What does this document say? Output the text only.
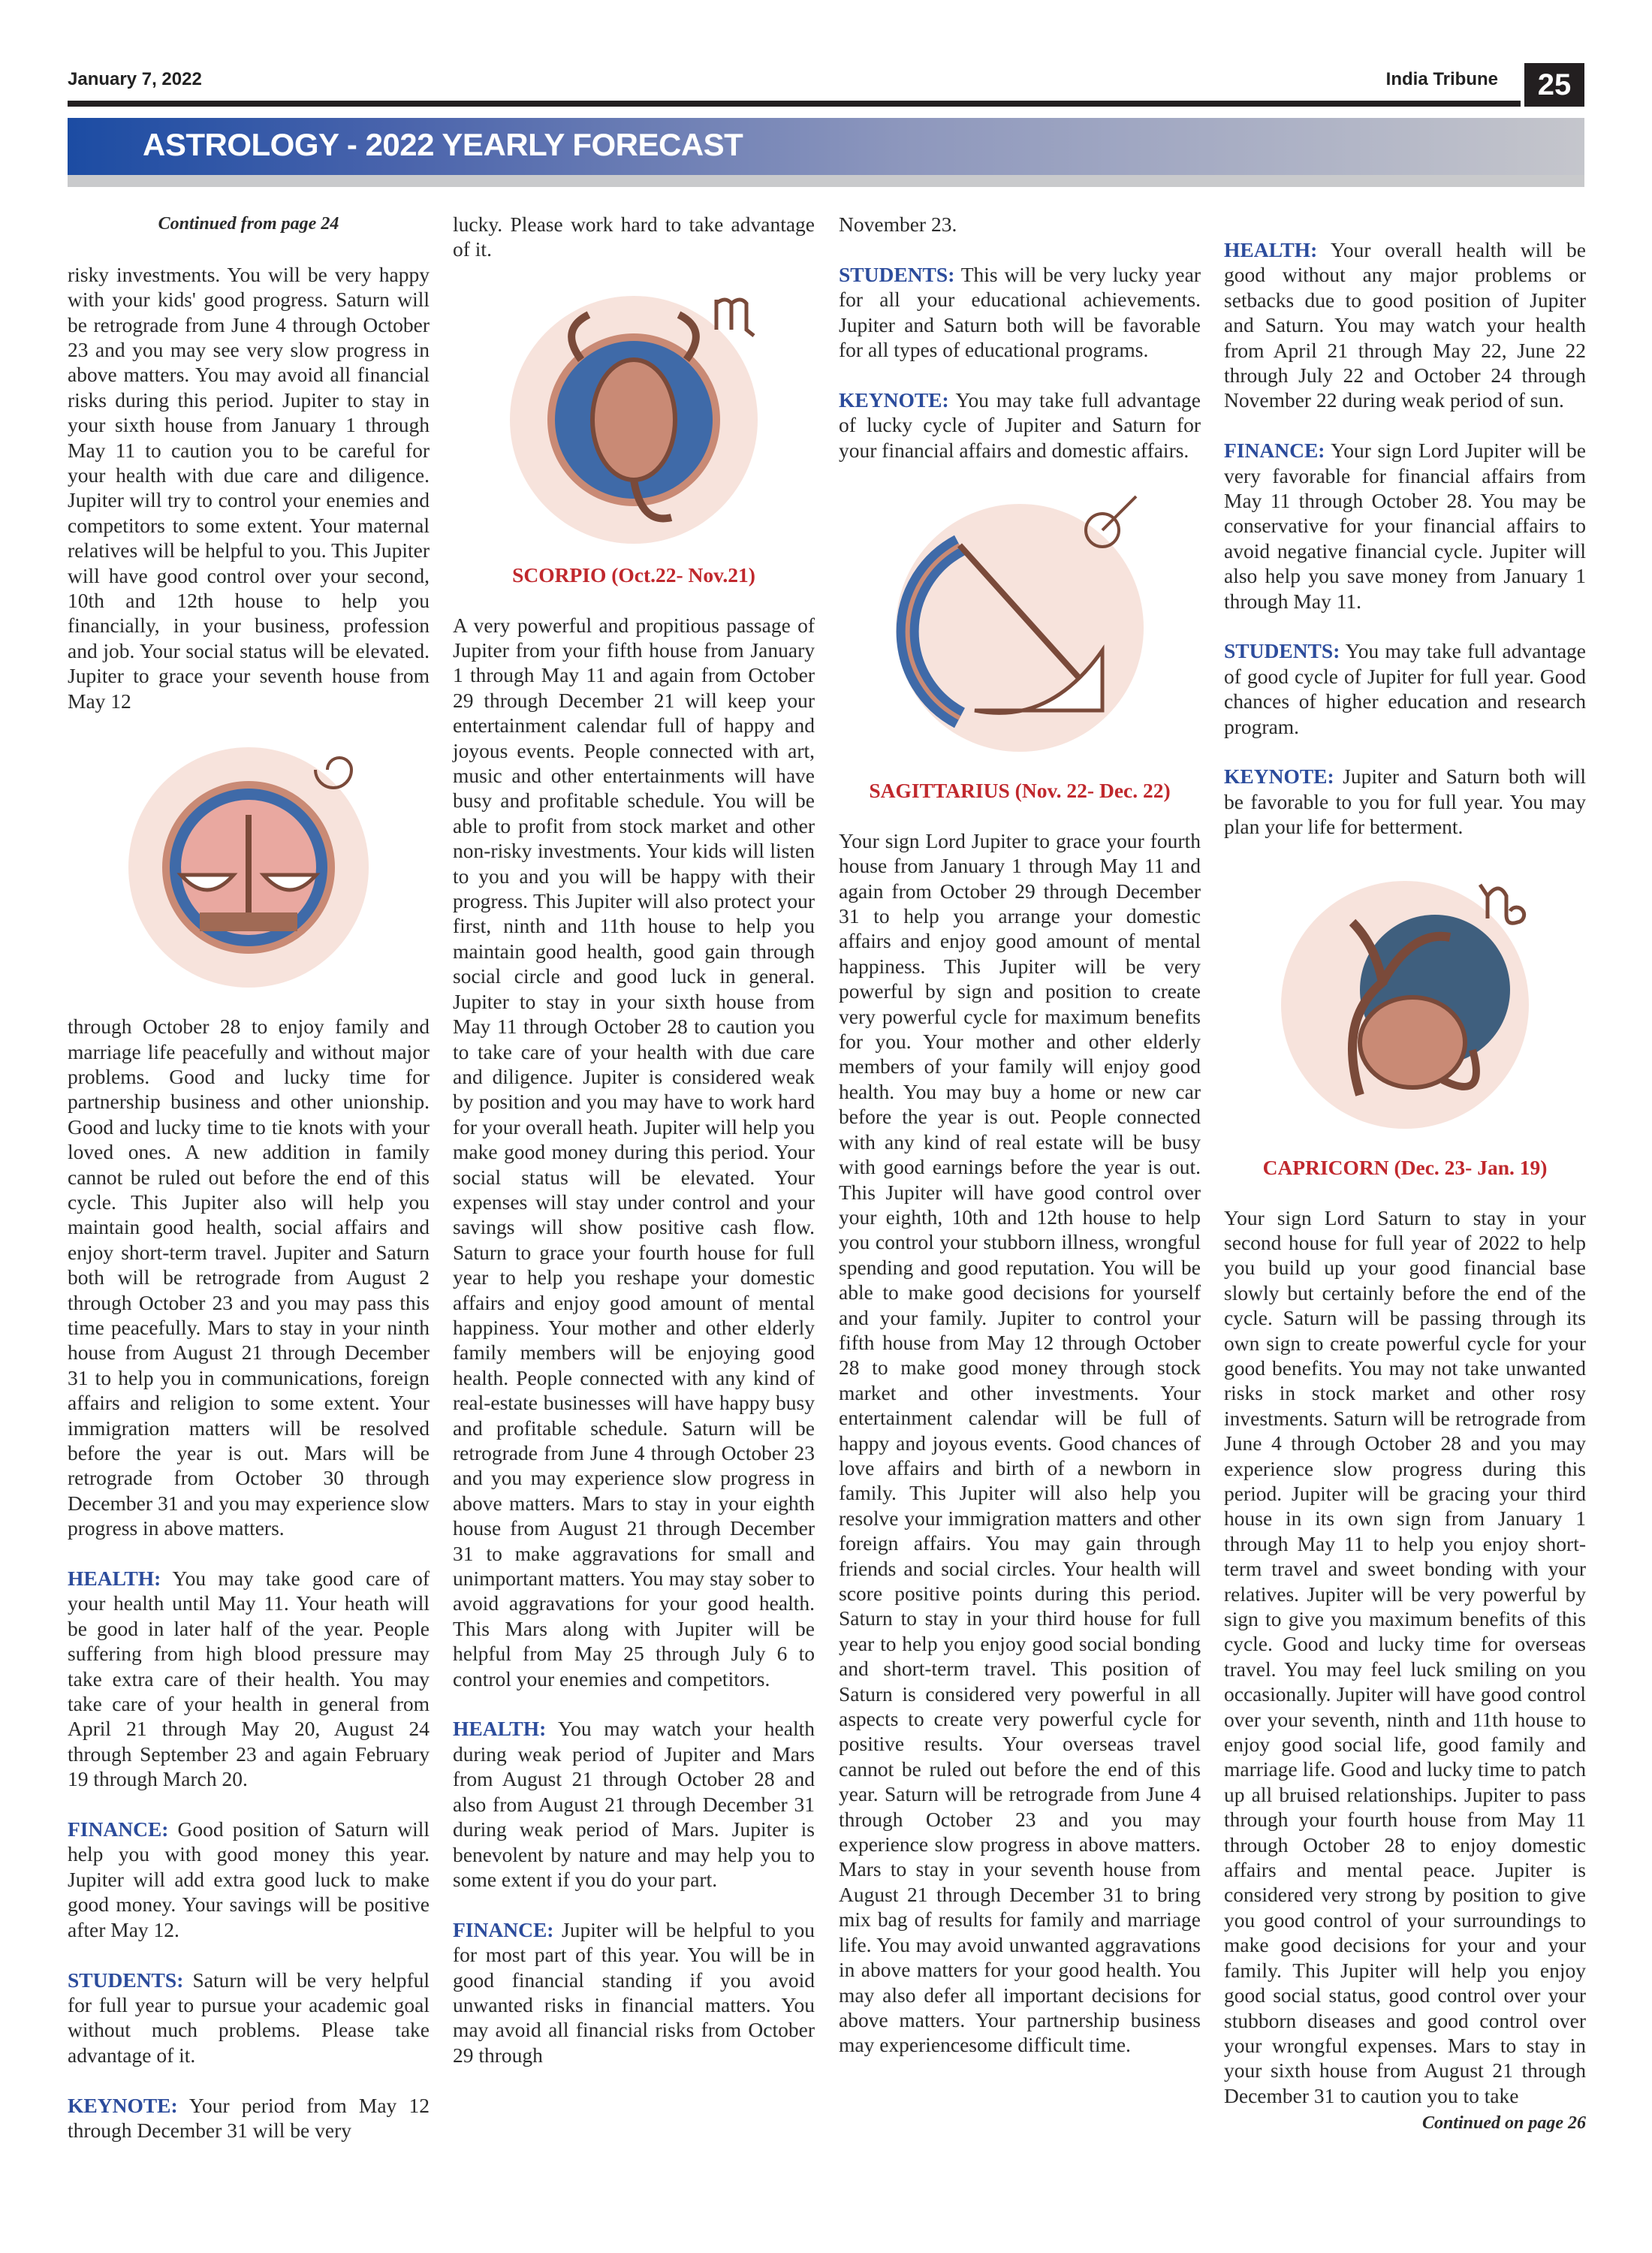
January 7, 2022	India Tribune	25
ASTROLOGY - 2022 YEARLY FORECAST

Continued from page 24

risky investments. You will be very happy with your kids' good progress. Saturn will be retrograde from June 4 through October 23 and you may see very slow progress in above matters. You may avoid all financial risks during this period. Jupiter to stay in your sixth house from January 1 through May 11 to caution you to be careful for your health with due care and diligence. Jupiter will try to control your enemies and competitors to some extent. Your maternal relatives will be helpful to you. This Jupiter will have good control over your second, 10th and 12th house to help you financially, in your business, profession and job. Your social status will be elevated. Jupiter to grace your seventh house from May 12

through October 28 to enjoy family and marriage life peacefully and without major problems. Good and lucky time for partnership business and other unionship. Good and lucky time to tie knots with your loved ones. A new addition in family cannot be ruled out before the end of this cycle. This Jupiter also will help you maintain good health, social affairs and enjoy short-term travel. Jupiter and Saturn both will be retrograde from August 2 through October 23 and you may pass this time peacefully. Mars to stay in your ninth house from August 21 through December 31 to help you in communications, foreign affairs and religion to some extent. Your immigration matters will be resolved before the year is out. Mars will be retrograde from October 30 through December 31 and you may experience slow progress in above matters.

HEALTH: You may take good care of your health until May 11. Your heath will be good in later half of the year. People suffering from high blood pressure may take extra care of their health. You may take care of your health in general from April 21 through May 20, August 24 through September 23 and again February 19 through March 20.

FINANCE: Good position of Saturn will help you with good money this year. Jupiter will add extra good luck to make good money. Your savings will be positive after May 12.

STUDENTS: Saturn will be very helpful for full year to pursue your academic goal without much problems. Please take advantage of it.

KEYNOTE: Your period from May 12 through December 31 will be very

lucky. Please work hard to take advantage of it.

SCORPIO (Oct.22- Nov.21)

A very powerful and propitious passage of Jupiter from your fifth house from January 1 through May 11 and again from October 29 through December 21 will keep your entertainment calendar full of happy and joyous events. People connected with art, music and other entertainments will have busy and profitable schedule. You will be able to profit from stock market and other non-risky investments. Your kids will listen to you and you will be happy with their progress. This Jupiter will also protect your first, ninth and 11th house to help you maintain good health, good gain through social circle and good luck in general. Jupiter to stay in your sixth house from May 11 through October 28 to caution you to take care of your health with due care and diligence. Jupiter is considered weak by position and you may have to work hard for your overall heath. Jupiter will help you make good money during this period. Your social status will be elevated. Your expenses will stay under control and your savings will show positive cash flow. Saturn to grace your fourth house for full year to help you reshape your domestic affairs and enjoy good amount of mental happiness. Your mother and other elderly family members will be enjoying good health. People connected with any kind of real-estate businesses will have happy busy and profitable schedule. Saturn will be retrograde from June 4 through October 23 and you may experience slow progress in above matters. Mars to stay in your eighth house from August 21 through December 31 to make aggravations for small and unimportant matters. You may stay sober to avoid aggravations for your good health. This Mars along with Jupiter will be helpful from May 25 through July 6 to control your enemies and competitors.

HEALTH: You may watch your health during weak period of Jupiter and Mars from August 21 through October 28 and also from August 21 through December 31 during weak period of Mars. Jupiter is benevolent by nature and may help you to some extent if you do your part.

FINANCE: Jupiter will be helpful to you for most part of this year. You will be in good financial standing if you avoid unwanted risks in financial matters. You may avoid all financial risks from October 29 through

November 23.

STUDENTS: This will be very lucky year for all your educational achievements. Jupiter and Saturn both will be favorable for all types of educational programs.

KEYNOTE: You may take full advantage of lucky cycle of Jupiter and Saturn for your financial affairs and domestic affairs.

SAGITTARIUS (Nov. 22- Dec. 22)

Your sign Lord Jupiter to grace your fourth house from January 1 through May 11 and again from October 29 through December 31 to help you arrange your domestic affairs and enjoy good amount of mental happiness. This Jupiter will be very powerful by sign and position to create very powerful cycle for maximum benefits for you. Your mother and other elderly members of your family will enjoy good health. You may buy a home or new car before the year is out. People connected with any kind of real estate will be busy with good earnings before the year is out. This Jupiter will have good control over your eighth, 10th and 12th house to help you control your stubborn illness, wrongful spending and good reputation. You will be able to make good decisions for yourself and your family. Jupiter to control your fifth house from May 12 through October 28 to make good money through stock market and other investments. Your entertainment calendar will be full of happy and joyous events. Good chances of love affairs and birth of a newborn in family. This Jupiter will also help you resolve your immigration matters and other foreign affairs. You may gain through friends and social circles. Your health will score positive points during this period. Saturn to stay in your third house for full year to help you enjoy good social bonding and short-term travel. This position of Saturn is considered very powerful in all aspects to create very powerful cycle for positive results. Your overseas travel cannot be ruled out before the end of this year. Saturn will be retrograde from June 4 through October 23 and you may experience slow progress in above matters. Mars to stay in your seventh house from August 21 through December 31 to bring mix bag of results for family and marriage life. You may avoid unwanted aggravations in above matters for your good health. You may also defer all important decisions for above matters. Your partnership business may experiencesome difficult time.

HEALTH: Your overall health will be good without any major problems or setbacks due to good position of Jupiter and Saturn. You may watch your health from April 21 through May 22, June 22 through July 22 and October 24 through November 22 during weak period of sun.

FINANCE: Your sign Lord Jupiter will be very favorable for financial affairs from May 11 through October 28. You may be conservative for your financial affairs to avoid negative financial cycle. Jupiter will also help you save money from January 1 through May 11.

STUDENTS: You may take full advantage of good cycle of Jupiter for full year. Good chances of higher education and research program.

KEYNOTE: Jupiter and Saturn both will be favorable to you for full year. You may plan your life for betterment.

CAPRICORN (Dec. 23- Jan. 19)

Your sign Lord Saturn to stay in your second house for full year of 2022 to help you build up your good financial base slowly but certainly before the end of the cycle. Saturn will be passing through its own sign to create powerful cycle for your good benefits. You may not take unwanted risks in stock market and other rosy investments. Saturn will be retrograde from June 4 through October 28 and you may experience slow progress during this period. Jupiter will be gracing your third house in its own sign from January 1 through May 11 to help you enjoy short-term travel and sweet bonding with your relatives. Jupiter will be very powerful by sign to give you maximum benefits of this cycle. Good and lucky time for overseas travel. You may feel luck smiling on you occasionally. Jupiter will have good control over your seventh, ninth and 11th house to enjoy good social life, good family and marriage life. Good and lucky time to patch up all bruised relationships. Jupiter to pass through your fourth house from May 11 through October 28 to enjoy domestic affairs and mental peace. Jupiter is considered very strong by position to give you good control of your surroundings to make good decisions for your and your family. This Jupiter will help you enjoy good social status, good control over your stubborn diseases and good control over your wrongful expenses. Mars to stay in your sixth house from August 21 through December 31 to caution you to take

Continued on page 26
